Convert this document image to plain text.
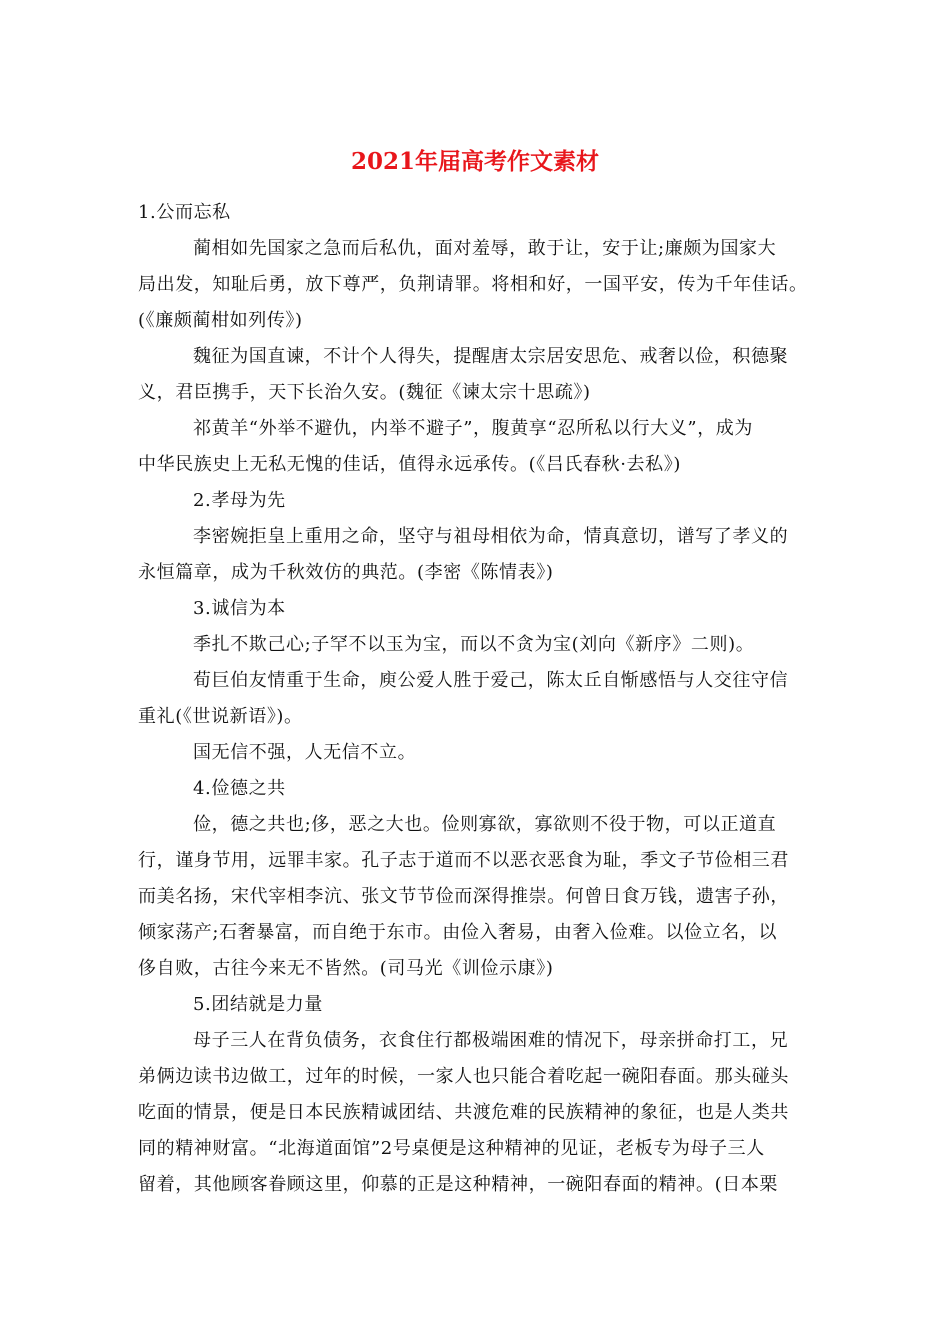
2021年届高考作文素材
1.公而忘私
蔺相如先国家之急而后私仇，面对羞辱，敢于让，安于让;廉颇为国家大
局出发，知耻后勇，放下尊严，负荆请罪。将相和好，一国平安，传为千年佳话。
(《廉颇蔺柑如列传》)
魏征为国直谏，不计个人得失，提醒唐太宗居安思危、戒奢以俭，积德聚
义，君臣携手，天下长治久安。(魏征《谏太宗十思疏》)
祁黄羊“外举不避仇，内举不避子”，腹黄享“忍所私以行大义”，成为
中华民族史上无私无愧的佳话，值得永远承传。(《吕氏春秋·去私》)
2.孝母为先
李密婉拒皇上重用之命，坚守与祖母相依为命，情真意切，谱写了孝义的
永恒篇章，成为千秋效仿的典范。(李密《陈情表》)
3.诚信为本
季扎不欺己心;子罕不以玉为宝，而以不贪为宝(刘向《新序》二则)。
荀巨伯友情重于生命，庾公爱人胜于爱己，陈太丘自惭感悟与人交往守信
重礼(《世说新语》)。
国无信不强，人无信不立。
4.俭德之共
俭，德之共也;侈，恶之大也。俭则寡欲，寡欲则不役于物，可以正道直
行，谨身节用，远罪丰家。孔子志于道而不以恶衣恶食为耻，季文子节俭相三君
而美名扬，宋代宰相李沆、张文节节俭而深得推崇。何曾日食万钱，遗害子孙，
倾家荡产;石奢暴富，而自绝于东市。由俭入奢易，由奢入俭难。以俭立名，以
侈自败，古往今来无不皆然。(司马光《训俭示康》)
5.团结就是力量
母子三人在背负债务，衣食住行都极端困难的情况下，母亲拼命打工，兄
弟俩边读书边做工，过年的时候，一家人也只能合着吃起一碗阳春面。那头碰头
吃面的情景，便是日本民族精诚团结、共渡危难的民族精神的象征，也是人类共
同的精神财富。“北海道面馆”2号桌便是这种精神的见证，老板专为母子三人
留着，其他顾客眷顾这里，仰慕的正是这种精神，一碗阳春面的精神。(日本栗
